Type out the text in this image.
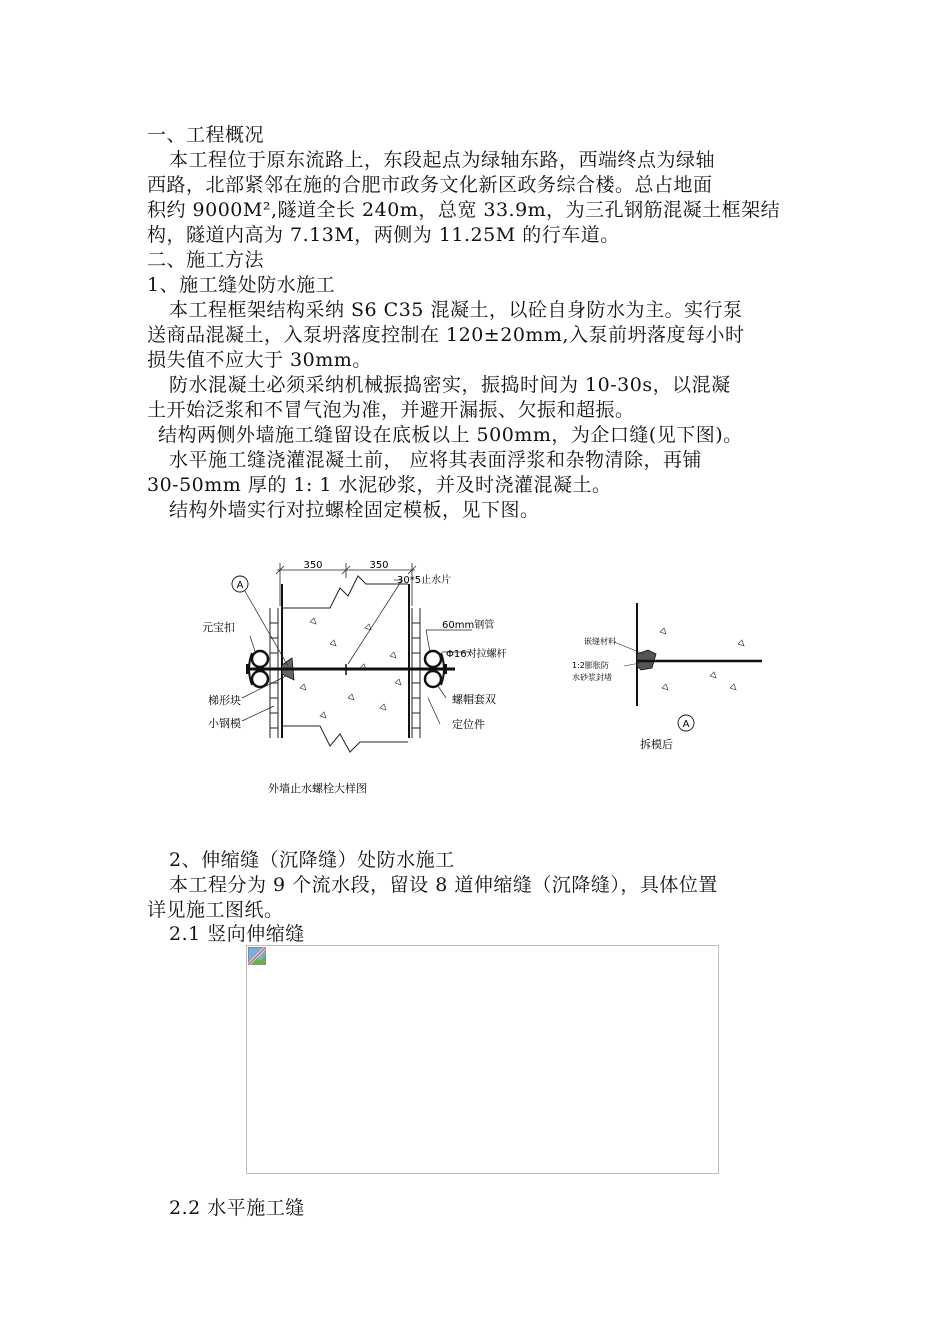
一、工程概况

本工程位于原东流路上，东段起点为绿轴东路，西端终点为绿轴

西路，北部紧邻在施的合肥市政务文化新区政务综合楼。总占地面

积约 9000M²,隧道全长 240m，总宽 33.9m，为三孔钢筋混凝土框架结

构，隧道内高为 7.13M，两侧为 11.25M 的行车道。

二、施工方法

1、施工缝处防水施工

本工程框架结构采纳 S6 C35 混凝土，以砼自身防水为主。实行泵

送商品混凝土，入泵坍落度控制在 120±20mm,入泵前坍落度每小时

损失值不应大于 30mm。

防水混凝土必须采纳机械振捣密实，振捣时间为 10-30s，以混凝

土开始泛浆和不冒气泡为准，并避开漏振、欠振和超振。

结构两侧外墙施工缝留设在底板以上 500mm，为企口缝(见下图)。

水平施工缝浇灌混凝土前， 应将其表面浮浆和杂物清除，再铺

30-50mm 厚的 1: 1 水泥砂浆，并及时浇灌混凝土。

结构外墙实行对拉螺栓固定模板，见下图。

350	350
A	30*5止水片
元宝扣	60mm钢管
Φ16对拉螺杆
梯形块
小钢模
螺帽套双
定位件
外墙止水螺栓大样图
嵌缝材料
1:2膨胀防
水砂浆封堵
A
拆模后

2、伸缩缝（沉降缝）处防水施工

本工程分为 9 个流水段，留设 8 道伸缩缝（沉降缝），具体位置

详见施工图纸。

2.1 竖向伸缩缝

2.2 水平施工缝
